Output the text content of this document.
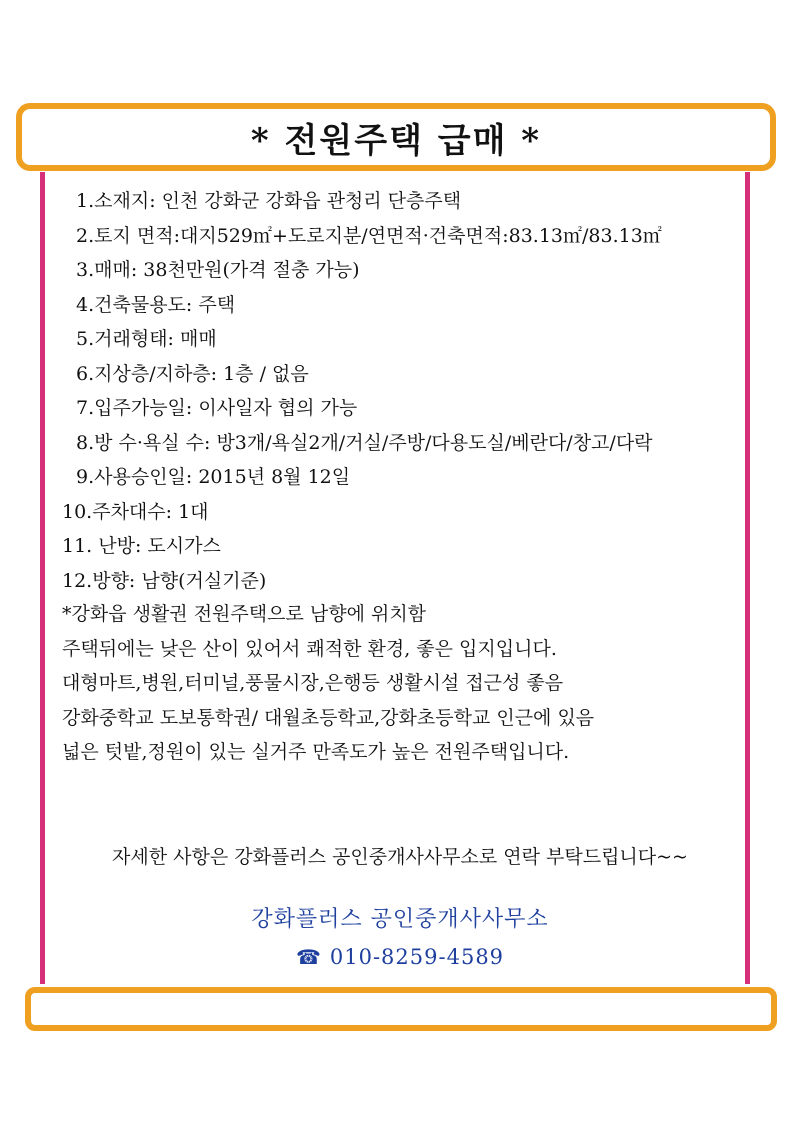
* 전원주택 급매 *
1.소재지: 인천 강화군 강화읍 관청리 단층주택
2.토지 면적:대지529㎡+도로지분/연면적·건축면적:83.13㎡/83.13㎡
3.매매: 38천만원(가격 절충 가능)
4.건축물용도: 주택
5.거래형태: 매매
6.지상층/지하층: 1층 / 없음
7.입주가능일: 이사일자 협의 가능
8.방 수·욕실 수: 방3개/욕실2개/거실/주방/다용도실/베란다/창고/다락
9.사용승인일: 2015년 8월 12일
10.주차대수: 1대
11. 난방: 도시가스
12.방향: 남향(거실기준)
*강화읍 생활권 전원주택으로 남향에 위치함
주택뒤에는 낮은 산이 있어서 쾌적한 환경, 좋은 입지입니다.
대형마트,병원,터미널,풍물시장,은행등 생활시설 접근성 좋음
강화중학교 도보통학권/ 대월초등학교,강화초등학교 인근에 있음
넓은 텃밭,정원이 있는 실거주 만족도가 높은 전원주택입니다.
자세한 사항은 강화플러스 공인중개사사무소로 연락 부탁드립니다~~
강화플러스 공인중개사사무소
☎ 010-8259-4589
